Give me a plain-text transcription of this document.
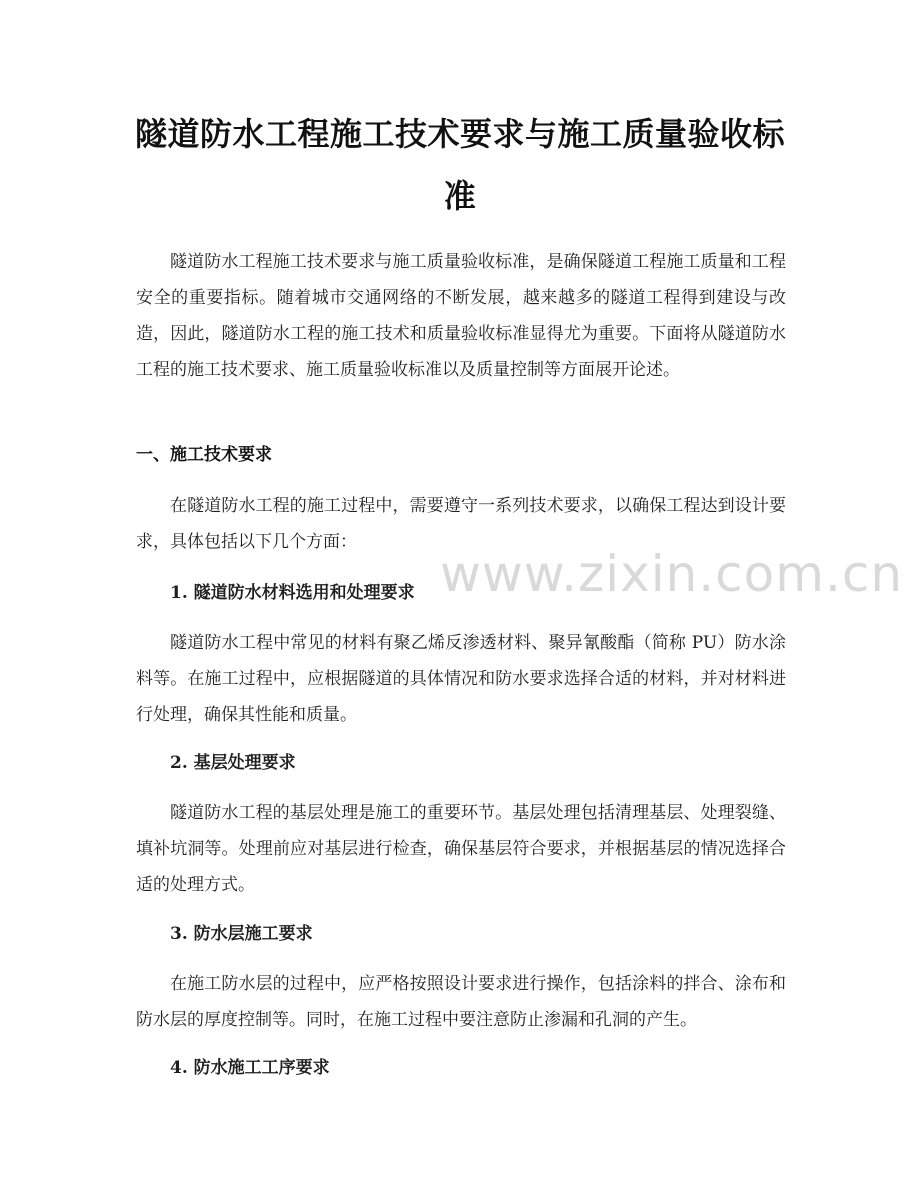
隧道防水工程施工技术要求与施工质量验收标准

隧道防水工程施工技术要求与施工质量验收标准，是确保隧道工程施工质量和工程安全的重要指标。随着城市交通网络的不断发展，越来越多的隧道工程得到建设与改造，因此，隧道防水工程的施工技术和质量验收标准显得尤为重要。下面将从隧道防水工程的施工技术要求、施工质量验收标准以及质量控制等方面展开论述。

一、施工技术要求

在隧道防水工程的施工过程中，需要遵守一系列技术要求，以确保工程达到设计要求，具体包括以下几个方面：

1. 隧道防水材料选用和处理要求

隧道防水工程中常见的材料有聚乙烯反渗透材料、聚异氰酸酯（简称 PU）防水涂料等。在施工过程中，应根据隧道的具体情况和防水要求选择合适的材料，并对材料进行处理，确保其性能和质量。

2. 基层处理要求

隧道防水工程的基层处理是施工的重要环节。基层处理包括清理基层、处理裂缝、填补坑洞等。处理前应对基层进行检查，确保基层符合要求，并根据基层的情况选择合适的处理方式。

3. 防水层施工要求

在施工防水层的过程中，应严格按照设计要求进行操作，包括涂料的拌合、涂布和防水层的厚度控制等。同时，在施工过程中要注意防止渗漏和孔洞的产生。

4. 防水施工工序要求
www.zixin.com.cn
